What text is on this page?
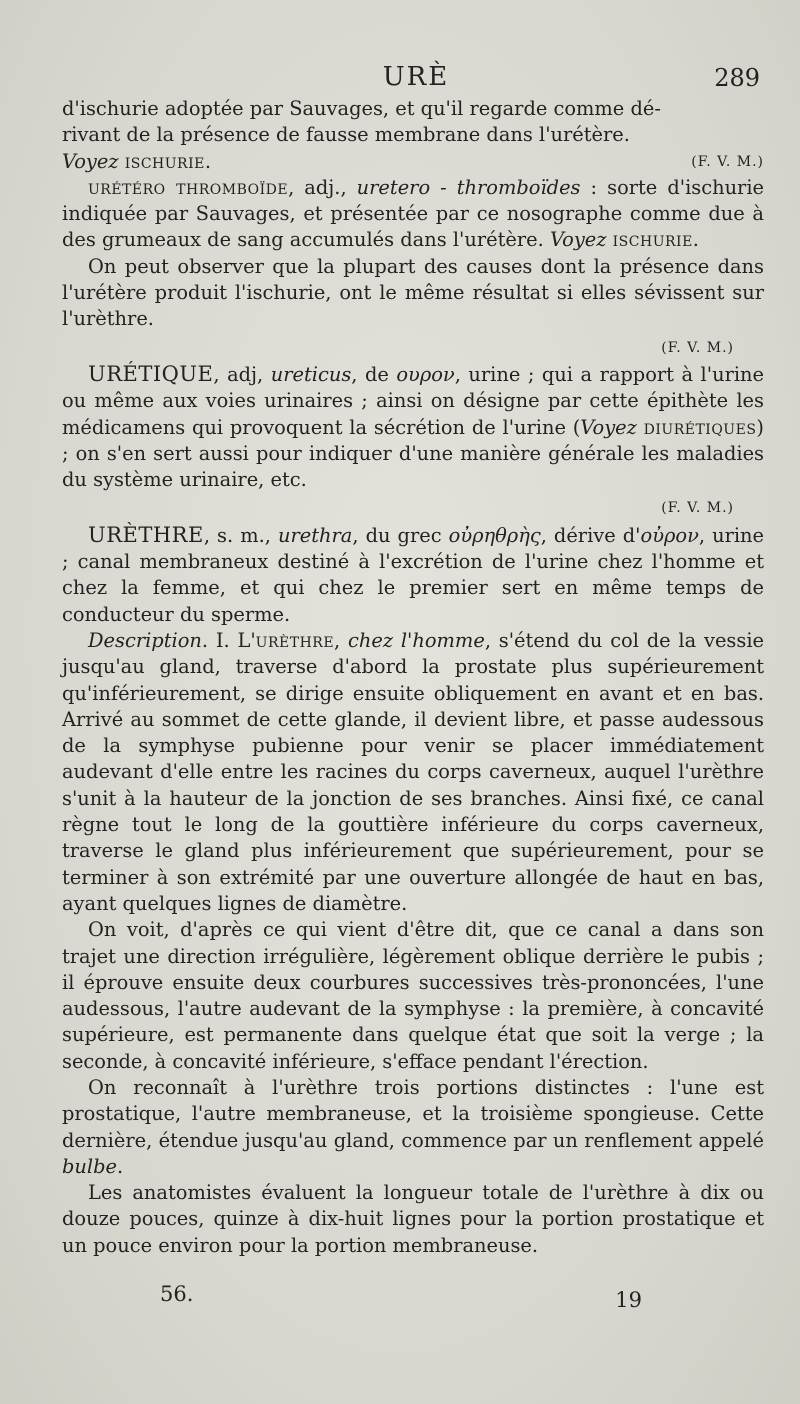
URÈ	289

d'ischurie adoptée par Sauvages, et qu'il regarde comme dé-

rivant de la présence de fausse membrane dans l'urétère.

Voyez ischurie.	(F. V. M.)

urétéro thromboïde, adj., uretero - thromboïdes : sorte d'ischurie indiquée par Sauvages, et présentée par ce nosographe comme due à des grumeaux de sang accumulés dans l'urétère. Voyez ischurie.

On peut observer que la plupart des causes dont la présence dans l'urétère produit l'ischurie, ont le même résultat si elles sévissent sur l'urèthre.

(F. V. M.)

URÉTIQUE, adj, ureticus, de ουρον, urine ; qui a rapport à l'urine ou même aux voies urinaires ; ainsi on désigne par cette épithète les médicamens qui provoquent la sécrétion de l'urine (Voyez diurétiques) ; on s'en sert aussi pour indiquer d'une manière générale les maladies du système urinaire, etc.

(F. V. M.)

URÈTHRE, s. m., urethra, du grec οὐρηθρὴς, dérive d'οὐρον, urine ; canal membraneux destiné à l'excrétion de l'urine chez l'homme et chez la femme, et qui chez le premier sert en même temps de conducteur du sperme.

Description. I. L'urèthre, chez l'homme, s'étend du col de la vessie jusqu'au gland, traverse d'abord la prostate plus supérieurement qu'inférieurement, se dirige ensuite obliquement en avant et en bas. Arrivé au sommet de cette glande, il devient libre, et passe audessous de la symphyse pubienne pour venir se placer immédiatement audevant d'elle entre les racines du corps caverneux, auquel l'urèthre s'unit à la hauteur de la jonction de ses branches. Ainsi fixé, ce canal règne tout le long de la gouttière inférieure du corps caverneux, traverse le gland plus inférieurement que supérieurement, pour se terminer à son extrémité par une ouverture allongée de haut en bas, ayant quelques lignes de diamètre.

On voit, d'après ce qui vient d'être dit, que ce canal a dans son trajet une direction irrégulière, légèrement oblique derrière le pubis ; il éprouve ensuite deux courbures successives très-prononcées, l'une audessous, l'autre audevant de la symphyse : la première, à concavité supérieure, est permanente dans quelque état que soit la verge ; la seconde, à concavité inférieure, s'efface pendant l'érection.

On reconnaît à l'urèthre trois portions distinctes : l'une est prostatique, l'autre membraneuse, et la troisième spongieuse. Cette dernière, étendue jusqu'au gland, commence par un renflement appelé bulbe.

Les anatomistes évaluent la longueur totale de l'urèthre à dix ou douze pouces, quinze à dix-huit lignes pour la portion prostatique et un pouce environ pour la portion membraneuse.

56.	19
